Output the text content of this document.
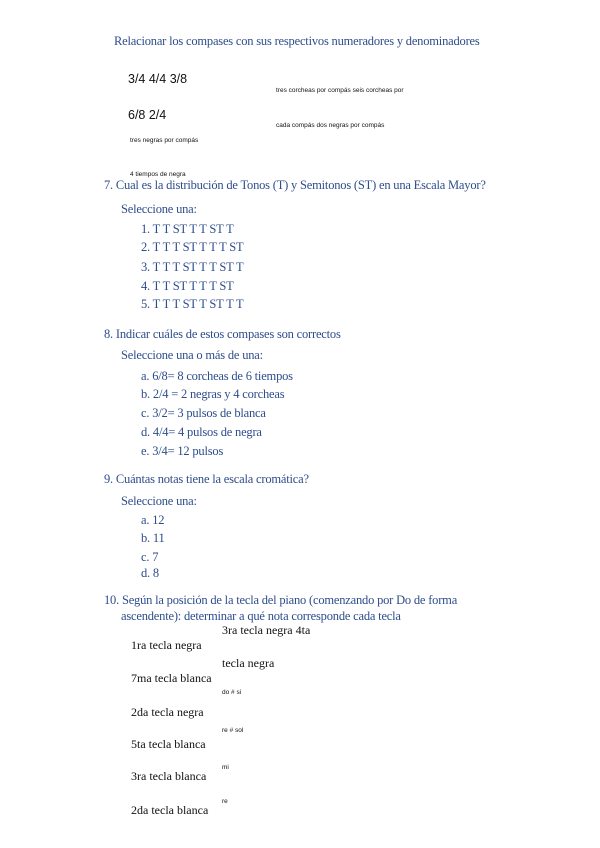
Relacionar los compases con sus respectivos numeradores y denominadores
3/4 4/4 3/8
tres corcheas por compás seis corcheas por
6/8 2/4
cada compás dos negras por compás
tres negras por compás
4 tiempos de negra
7. Cual es la distribución de Tonos (T) y Semitonos (ST) en una Escala Mayor?
Seleccione una:
1. T T ST T T ST T
2. T T T ST T T T ST
3. T T T ST T T ST T
4. T T ST T T T ST
5. T T T ST T ST T T
8. Indicar cuáles de estos compases son correctos
Seleccione una o más de una:
a. 6/8= 8 corcheas de 6 tiempos
b. 2/4 = 2 negras y 4 corcheas
c. 3/2= 3 pulsos de blanca
d. 4/4= 4 pulsos de negra
e. 3/4= 12 pulsos
9. Cuántas notas tiene la escala cromática?
Seleccione una:
a. 12
b. 11
c. 7
d. 8
10. Según la posición de la tecla del piano (comenzando por Do de forma
ascendente): determinar a qué nota corresponde cada tecla
3ra tecla negra 4ta
1ra tecla negra
tecla negra
7ma tecla blanca
do # si
2da tecla negra
re # sol
5ta tecla blanca
mi
3ra tecla blanca
re
2da tecla blanca
